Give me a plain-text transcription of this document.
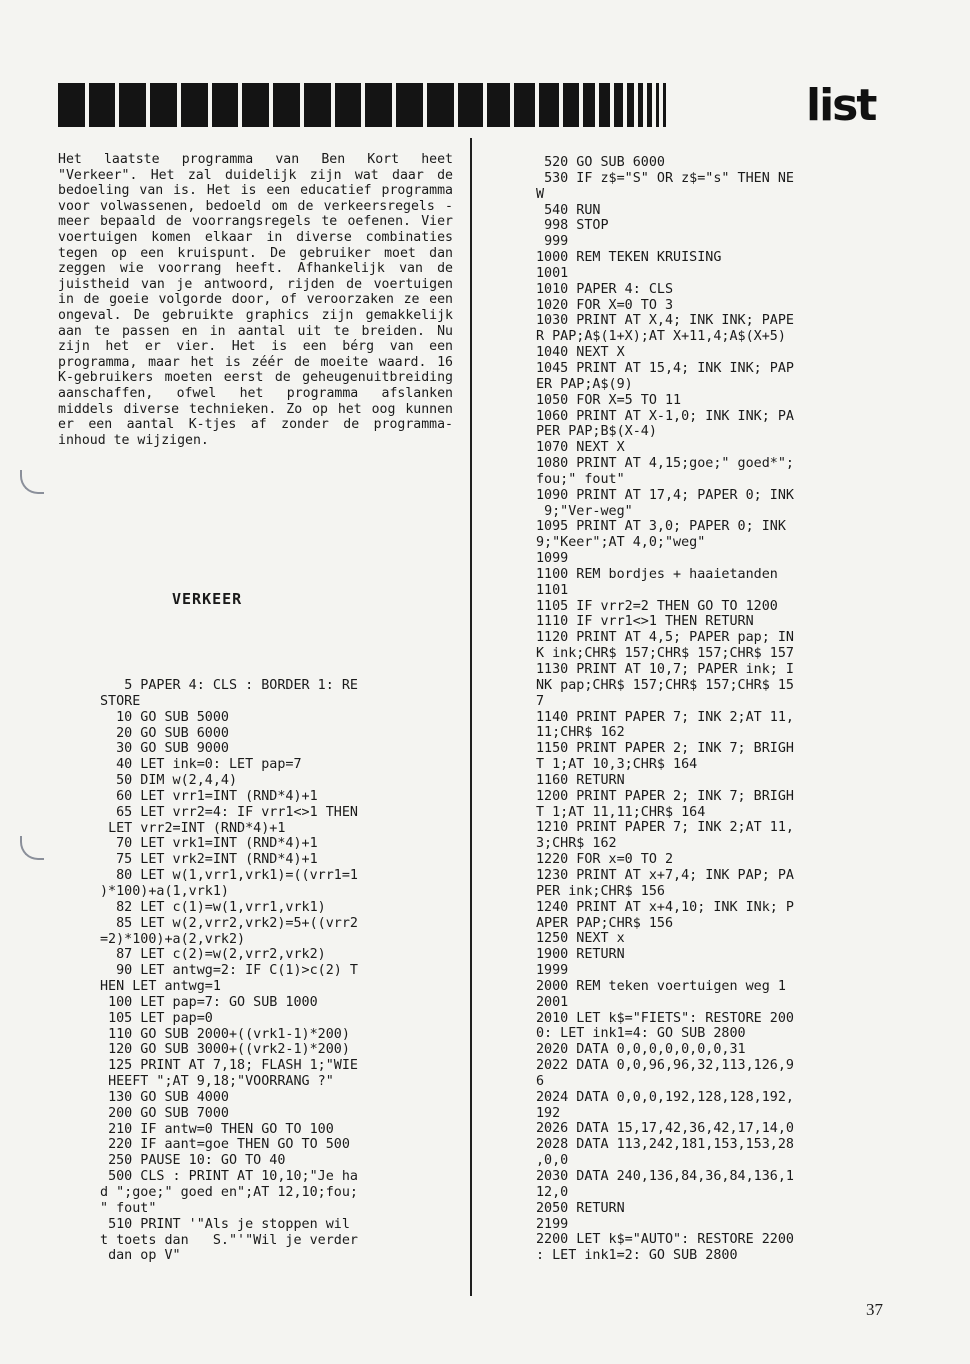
list

Het laatste programma van Ben Kort heet "Verkeer". Het zal duidelijk zijn wat daar de bedoeling van is. Het is een educatief programma voor volwassenen, bedoeld om de verkeersregels - meer bepaald de voorrangsregels te oefenen. Vier voertuigen komen elkaar in diverse combinaties tegen op een kruispunt. De gebruiker moet dan zeggen wie voorrang heeft. Afhankelijk van de juistheid van je antwoord, rijden de voertuigen in de goeie volgorde door, of veroorzaken ze een ongeval. De gebruikte graphics zijn gemakkelijk aan te passen en in aantal uit te breiden. Nu zijn het er vier. Het is een bérg van een programma, maar het is zéér de moeite waard. 16 K-gebruikers moeten eerst de geheugenuitbreiding aanschaffen, ofwel het programma afslanken middels diverse technieken. Zo op het oog kunnen er een aantal K-tjes af zonder de programma-inhoud te wijzigen.

VERKEER
5 PAPER 4: CLS : BORDER 1: RE
STORE
10 GO SUB 5000
20 GO SUB 6000
30 GO SUB 9000
40 LET ink=0: LET pap=7
50 DIM w(2,4,4)
60 LET vrr1=INT (RND*4)+1
65 LET vrr2=4: IF vrr1<>1 THEN
LET vrr2=INT (RND*4)+1
70 LET vrk1=INT (RND*4)+1
75 LET vrk2=INT (RND*4)+1
80 LET w(1,vrr1,vrk1)=((vrr1=1
)*100)+a(1,vrk1)
82 LET c(1)=w(1,vrr1,vrk1)
85 LET w(2,vrr2,vrk2)=5+((vrr2
=2)*100)+a(2,vrk2)
87 LET c(2)=w(2,vrr2,vrk2)
90 LET antwg=2: IF C(1)>c(2) T
HEN LET antwg=1
100 LET pap=7: GO SUB 1000
105 LET pap=0
110 GO SUB 2000+((vrk1-1)*200)
120 GO SUB 3000+((vrk2-1)*200)
125 PRINT AT 7,18; FLASH 1;"WIE
HEEFT ";AT 9,18;"VOORRANG ?"
130 GO SUB 4000
200 GO SUB 7000
210 IF antw=0 THEN GO TO 100
220 IF aant=goe THEN GO TO 500
250 PAUSE 10: GO TO 40
500 CLS : PRINT AT 10,10;"Je ha
d ";goe;" goed en";AT 12,10;fou;
" fout"
510 PRINT '"Als je stoppen wil
t toets dan   S."'"Wil je verder
dan op V"
520 GO SUB 6000
530 IF z$="S" OR z$="s" THEN NE
W
540 RUN
998 STOP
999
1000 REM TEKEN KRUISING
1001
1010 PAPER 4: CLS
1020 FOR X=0 TO 3
1030 PRINT AT X,4; INK INK; PAPE
R PAP;A$(1+X);AT X+11,4;A$(X+5)
1040 NEXT X
1045 PRINT AT 15,4; INK INK; PAP
ER PAP;A$(9)
1050 FOR X=5 TO 11
1060 PRINT AT X-1,0; INK INK; PA
PER PAP;B$(X-4)
1070 NEXT X
1080 PRINT AT 4,15;goe;" goed*";
fou;" fout"
1090 PRINT AT 17,4; PAPER 0; INK
9;"Ver-weg"
1095 PRINT AT 3,0; PAPER 0; INK
9;"Keer";AT 4,0;"weg"
1099
1100 REM bordjes + haaietanden
1101
1105 IF vrr2=2 THEN GO TO 1200
1110 IF vrr1<>1 THEN RETURN
1120 PRINT AT 4,5; PAPER pap; IN
K ink;CHR$ 157;CHR$ 157;CHR$ 157
1130 PRINT AT 10,7; PAPER ink; I
NK pap;CHR$ 157;CHR$ 157;CHR$ 15
7
1140 PRINT PAPER 7; INK 2;AT 11,
11;CHR$ 162
1150 PRINT PAPER 2; INK 7; BRIGH
T 1;AT 10,3;CHR$ 164
1160 RETURN
1200 PRINT PAPER 2; INK 7; BRIGH
T 1;AT 11,11;CHR$ 164
1210 PRINT PAPER 7; INK 2;AT 11,
3;CHR$ 162
1220 FOR x=0 TO 2
1230 PRINT AT x+7,4; INK PAP; PA
PER ink;CHR$ 156
1240 PRINT AT x+4,10; INK INk; P
APER PAP;CHR$ 156
1250 NEXT x
1900 RETURN
1999
2000 REM teken voertuigen weg 1
2001
2010 LET k$="FIETS": RESTORE 200
0: LET ink1=4: GO SUB 2800
2020 DATA 0,0,0,0,0,0,0,31
2022 DATA 0,0,96,96,32,113,126,9
6
2024 DATA 0,0,0,192,128,128,192,
192
2026 DATA 15,17,42,36,42,17,14,0
2028 DATA 113,242,181,153,153,28
,0,0
2030 DATA 240,136,84,36,84,136,1
12,0
2050 RETURN
2199
2200 LET k$="AUTO": RESTORE 2200
: LET ink1=2: GO SUB 2800
37
